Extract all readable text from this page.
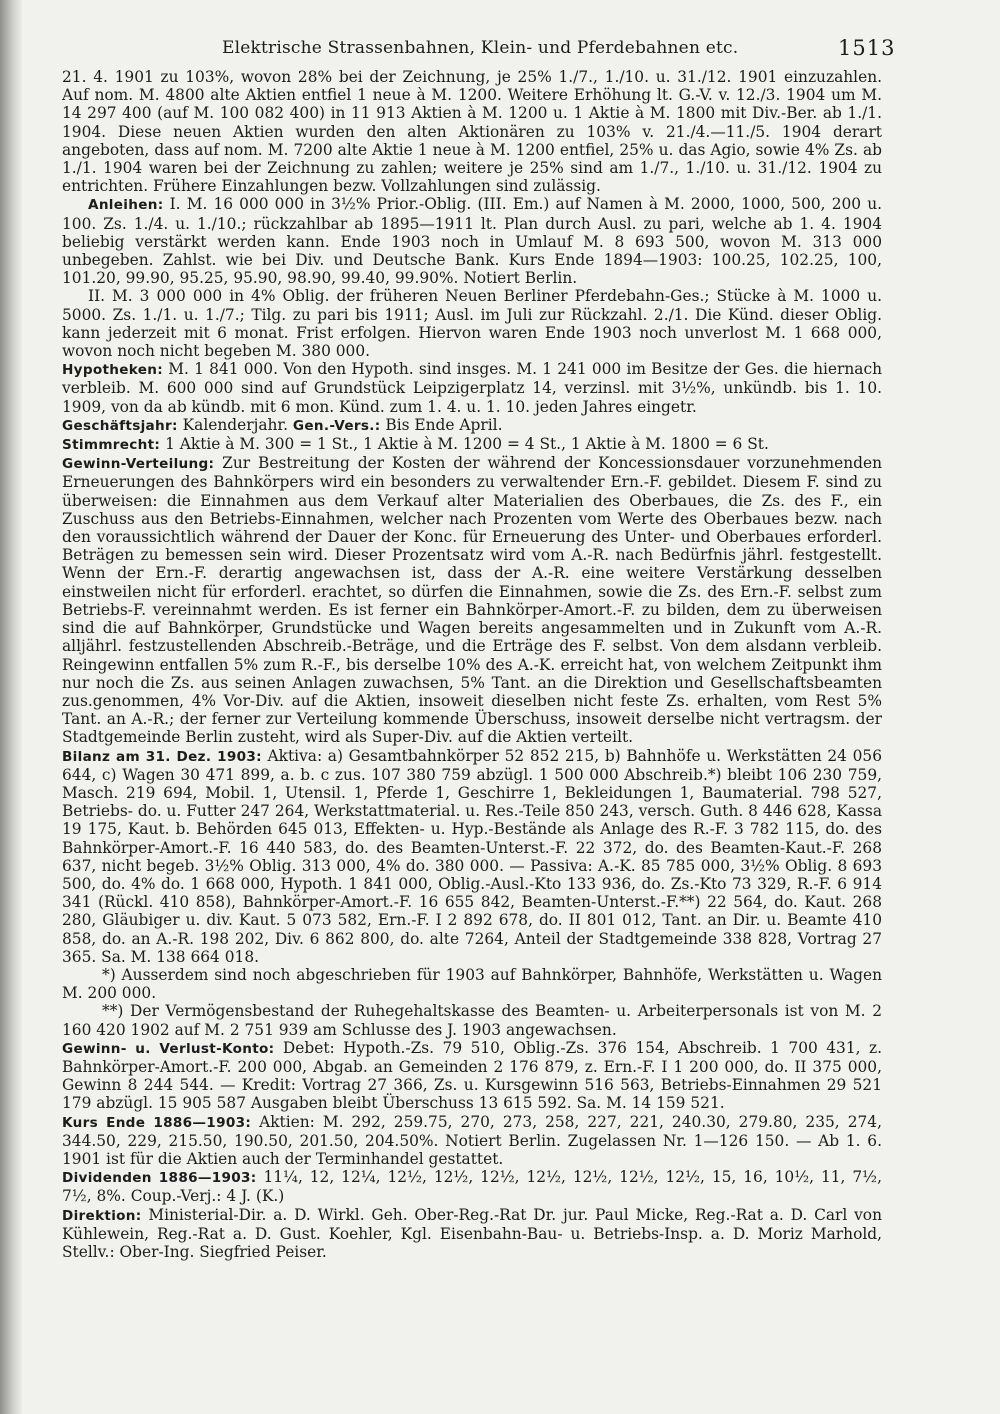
Elektrische Strassenbahnen, Klein- und Pferdebahnen etc.	1513

21. 4. 1901 zu 103%, wovon 28% bei der Zeichnung, je 25% 1./7., 1./10. u. 31./12. 1901 einzuzahlen. Auf nom. M. 4800 alte Aktien entfiel 1 neue à M. 1200. Weitere Erhöhung lt. G.-V. v. 12./3. 1904 um M. 14 297 400 (auf M. 100 082 400) in 11 913 Aktien à M. 1200 u. 1 Aktie à M. 1800 mit Div.-Ber. ab 1./1. 1904. Diese neuen Aktien wurden den alten Aktionären zu 103% v. 21./4.—11./5. 1904 derart angeboten, dass auf nom. M. 7200 alte Aktie 1 neue à M. 1200 entfiel, 25% u. das Agio, sowie 4% Zs. ab 1./1. 1904 waren bei der Zeichnung zu zahlen; weitere je 25% sind am 1./7., 1./10. u. 31./12. 1904 zu entrichten. Frühere Einzahlungen bezw. Vollzahlungen sind zulässig.

Anleihen: I. M. 16 000 000 in 3½% Prior.-Oblig. (III. Em.) auf Namen à M. 2000, 1000, 500, 200 u. 100. Zs. 1./4. u. 1./10.; rückzahlbar ab 1895—1911 lt. Plan durch Ausl. zu pari, welche ab 1. 4. 1904 beliebig verstärkt werden kann. Ende 1903 noch in Umlauf M. 8 693 500, wovon M. 313 000 unbegeben. Zahlst. wie bei Div. und Deutsche Bank. Kurs Ende 1894—1903: 100.25, 102.25, 100, 101.20, 99.90, 95.25, 95.90, 98.90, 99.40, 99.90%. Notiert Berlin.

II. M. 3 000 000 in 4% Oblig. der früheren Neuen Berliner Pferdebahn-Ges.; Stücke à M. 1000 u. 5000. Zs. 1./1. u. 1./7.; Tilg. zu pari bis 1911; Ausl. im Juli zur Rückzahl. 2./1. Die Künd. dieser Oblig. kann jederzeit mit 6 monat. Frist erfolgen. Hiervon waren Ende 1903 noch unverlost M. 1 668 000, wovon noch nicht begeben M. 380 000.

Hypotheken: M. 1 841 000. Von den Hypoth. sind insges. M. 1 241 000 im Besitze der Ges. die hiernach verbleib. M. 600 000 sind auf Grundstück Leipzigerplatz 14, verzinsl. mit 3½%, unkündb. bis 1. 10. 1909, von da ab kündb. mit 6 mon. Künd. zum 1. 4. u. 1. 10. jeden Jahres eingetr.

Geschäftsjahr: Kalenderjahr. Gen.-Vers.: Bis Ende April.

Stimmrecht: 1 Aktie à M. 300 = 1 St., 1 Aktie à M. 1200 = 4 St., 1 Aktie à M. 1800 = 6 St.

Gewinn-Verteilung: Zur Bestreitung der Kosten der während der Koncessionsdauer vorzunehmenden Erneuerungen des Bahnkörpers wird ein besonders zu verwaltender Ern.-F. gebildet. Diesem F. sind zu überweisen: die Einnahmen aus dem Verkauf alter Materialien des Oberbaues, die Zs. des F., ein Zuschuss aus den Betriebs-Einnahmen, welcher nach Prozenten vom Werte des Oberbaues bezw. nach den voraussichtlich während der Dauer der Konc. für Erneuerung des Unter- und Oberbaues erforderl. Beträgen zu bemessen sein wird. Dieser Prozentsatz wird vom A.-R. nach Bedürfnis jährl. festgestellt. Wenn der Ern.-F. derartig angewachsen ist, dass der A.-R. eine weitere Verstärkung desselben einstweilen nicht für erforderl. erachtet, so dürfen die Einnahmen, sowie die Zs. des Ern.-F. selbst zum Betriebs-F. vereinnahmt werden. Es ist ferner ein Bahnkörper-Amort.-F. zu bilden, dem zu überweisen sind die auf Bahnkörper, Grundstücke und Wagen bereits angesammelten und in Zukunft vom A.-R. alljährl. festzustellenden Abschreib.-Beträge, und die Erträge des F. selbst. Von dem alsdann verbleib. Reingewinn entfallen 5% zum R.-F., bis derselbe 10% des A.-K. erreicht hat, von welchem Zeitpunkt ihm nur noch die Zs. aus seinen Anlagen zuwachsen, 5% Tant. an die Direktion und Gesellschaftsbeamten zus.genommen, 4% Vor-Div. auf die Aktien, insoweit dieselben nicht feste Zs. erhalten, vom Rest 5% Tant. an A.-R.; der ferner zur Verteilung kommende Überschuss, insoweit derselbe nicht vertragsm. der Stadtgemeinde Berlin zusteht, wird als Super-Div. auf die Aktien verteilt.

Bilanz am 31. Dez. 1903: Aktiva: a) Gesamtbahnkörper 52 852 215, b) Bahnhöfe u. Werkstätten 24 056 644, c) Wagen 30 471 899, a. b. c zus. 107 380 759 abzügl. 1 500 000 Abschreib.*) bleibt 106 230 759, Masch. 219 694, Mobil. 1, Utensil. 1, Pferde 1, Geschirre 1, Bekleidungen 1, Baumaterial. 798 527, Betriebs- do. u. Futter 247 264, Werkstattmaterial. u. Res.-Teile 850 243, versch. Guth. 8 446 628, Kassa 19 175, Kaut. b. Behörden 645 013, Effekten- u. Hyp.-Bestände als Anlage des R.-F. 3 782 115, do. des Bahnkörper-Amort.-F. 16 440 583, do. des Beamten-Unterst.-F. 22 372, do. des Beamten-Kaut.-F. 268 637, nicht begeb. 3½% Oblig. 313 000, 4% do. 380 000. — Passiva: A.-K. 85 785 000, 3½% Oblig. 8 693 500, do. 4% do. 1 668 000, Hypoth. 1 841 000, Oblig.-Ausl.-Kto 133 936, do. Zs.-Kto 73 329, R.-F. 6 914 341 (Rückl. 410 858), Bahnkörper-Amort.-F. 16 655 842, Beamten-Unterst.-F.**) 22 564, do. Kaut. 268 280, Gläubiger u. div. Kaut. 5 073 582, Ern.-F. I 2 892 678, do. II 801 012, Tant. an Dir. u. Beamte 410 858, do. an A.-R. 198 202, Div. 6 862 800, do. alte 7264, Anteil der Stadtgemeinde 338 828, Vortrag 27 365. Sa. M. 138 664 018.

*) Ausserdem sind noch abgeschrieben für 1903 auf Bahnkörper, Bahnhöfe, Werkstätten u. Wagen M. 200 000.

**) Der Vermögensbestand der Ruhegehaltskasse des Beamten- u. Arbeiterpersonals ist von M. 2 160 420 1902 auf M. 2 751 939 am Schlusse des J. 1903 angewachsen.

Gewinn- u. Verlust-Konto: Debet: Hypoth.-Zs. 79 510, Oblig.-Zs. 376 154, Abschreib. 1 700 431, z. Bahnkörper-Amort.-F. 200 000, Abgab. an Gemeinden 2 176 879, z. Ern.-F. I 1 200 000, do. II 375 000, Gewinn 8 244 544. — Kredit: Vortrag 27 366, Zs. u. Kursgewinn 516 563, Betriebs-Einnahmen 29 521 179 abzügl. 15 905 587 Ausgaben bleibt Überschuss 13 615 592. Sa. M. 14 159 521.

Kurs Ende 1886—1903: Aktien: M. 292, 259.75, 270, 273, 258, 227, 221, 240.30, 279.80, 235, 274, 344.50, 229, 215.50, 190.50, 201.50, 204.50%. Notiert Berlin. Zugelassen Nr. 1—126 150. — Ab 1. 6. 1901 ist für die Aktien auch der Terminhandel gestattet.

Dividenden 1886—1903: 11¼, 12, 12¼, 12½, 12½, 12½, 12½, 12½, 12½, 12½, 15, 16, 10½, 11, 7½, 7½, 8%. Coup.-Verj.: 4 J. (K.)

Direktion: Ministerial-Dir. a. D. Wirkl. Geh. Ober-Reg.-Rat Dr. jur. Paul Micke, Reg.-Rat a. D. Carl von Kühlewein, Reg.-Rat a. D. Gust. Koehler, Kgl. Eisenbahn-Bau- u. Betriebs-Insp. a. D. Moriz Marhold, Stellv.: Ober-Ing. Siegfried Peiser.
